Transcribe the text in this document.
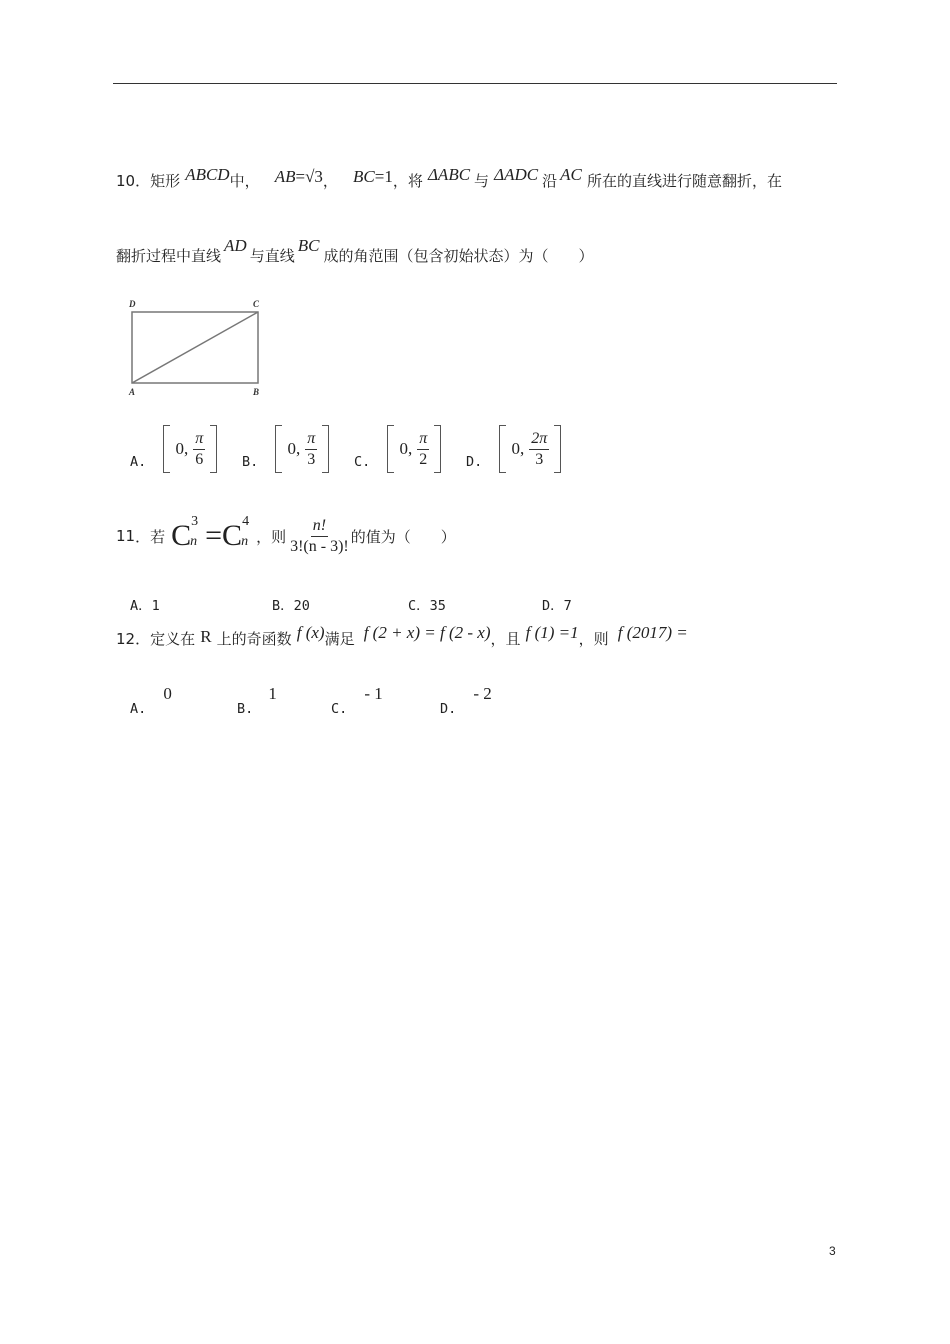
10．矩形 ABCD中， AB=√3， BC=1，将 ΔABC 与 ΔADC 沿 AC 所在的直线进行随意翻折，在
翻折过程中直线AD与直线BC成的角范围（包含初始状态）为（　　）
D	C
A	B
$_{A.}$  0, $\frac{\pi}{6}$
	$_{B.}$  0, $\frac{\pi}{3}$
	$_{C.}$  0, $\frac{\pi}{2}$
	$_{D.}$  0, $\frac{2\pi}{3}$

11 ．若 C 3
n = C 4
n ，则 $\frac{n!}{3!(n - 3)!}$ 的值为（　　）
A．1	B．20	C．35	D．7
12．定义在 R 上的奇函数 f (x)满足 f (2 + x) = f (2 - x)，且 f (1) =1，则 f (2017) =
$_{A.}$ 0
$_{B.}$ 1
$_{C.}$ - 1
$_{D.}$ - 2
3
